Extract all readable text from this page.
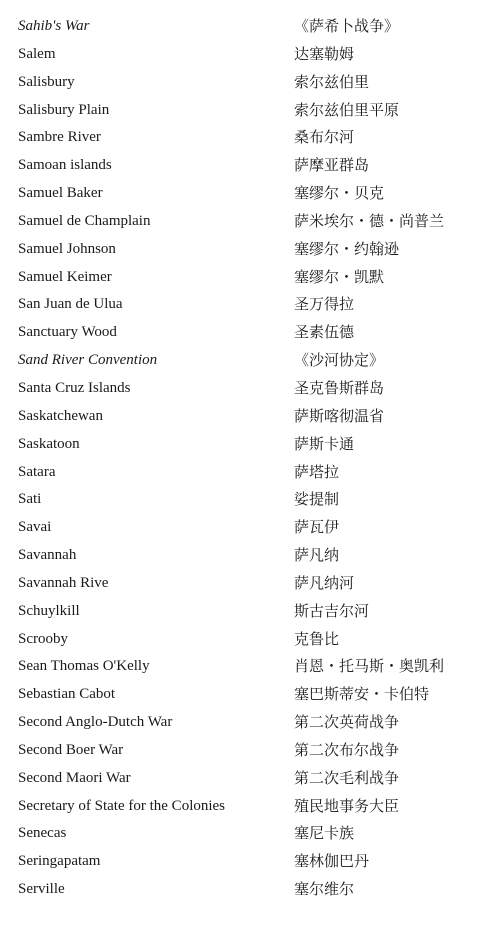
Sahib's War	《萨希卜战争》
Salem	达塞勒姆
Salisbury	索尔兹伯里
Salisbury Plain	索尔兹伯里平原
Sambre River	桑布尔河
Samoan islands	萨摩亚群岛
Samuel Baker	塞缪尔・贝克
Samuel de Champlain	萨米埃尔・德・尚普兰
Samuel Johnson	塞缪尔・约翰逊
Samuel Keimer	塞缪尔・凯默
San Juan de Ulua	圣万得拉
Sanctuary Wood	圣素伍德
Sand River Convention	《沙河协定》
Santa Cruz Islands	圣克鲁斯群岛
Saskatchewan	萨斯喀彻温省
Saskatoon	萨斯卡通
Satara	萨塔拉
Sati	娑提制
Savai	萨瓦伊
Savannah	萨凡纳
Savannah Rive	萨凡纳河
Schuylkill	斯古吉尔河
Scrooby	克鲁比
Sean Thomas O'Kelly	肖恩・托马斯・奥凯利
Sebastian Cabot	塞巴斯蒂安・卡伯特
Second Anglo-Dutch War	第二次英荷战争
Second Boer War	第二次布尔战争
Second Maori War	第二次毛利战争
Secretary of State for the Colonies	殖民地事务大臣
Senecas	塞尼卡族
Seringapatam	塞林伽巴丹
Serville	塞尔维尔
